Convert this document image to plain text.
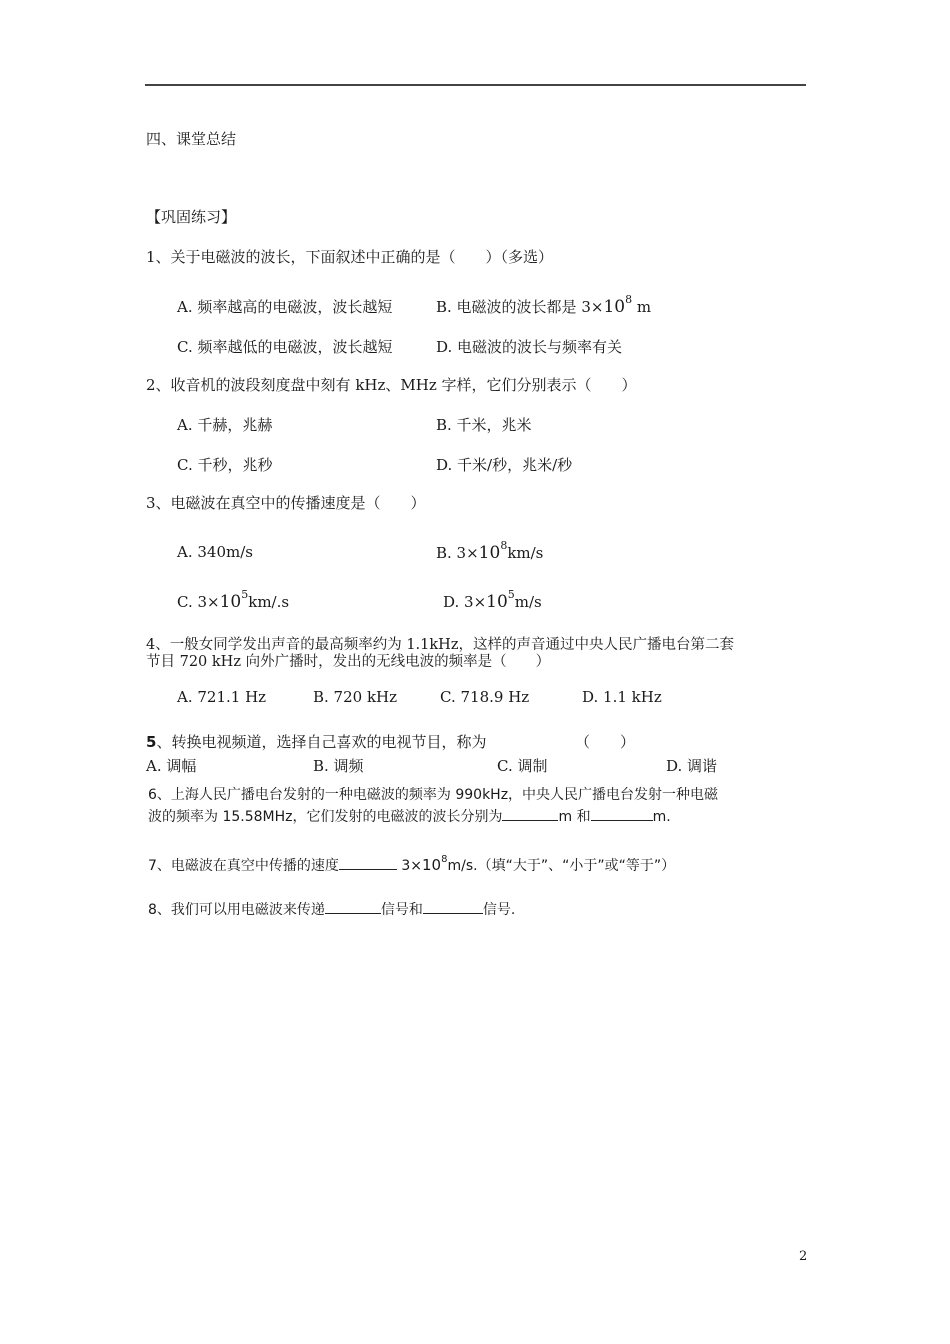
四、课堂总结
【巩固练习】
1、关于电磁波的波长，下面叙述中正确的是（　　）（多选）
A. 频率越高的电磁波，波长越短	B. 电磁波的波长都是 $3\times 10^8$ m
C. 频率越低的电磁波，波长越短	D. 电磁波的波长与频率有关
2、收音机的波段刻度盘中刻有 kHz、MHz 字样，它们分别表示（　　）
A. 千赫，兆赫	B. 千米，兆米
C. 千秒，兆秒	D. 千米/秒，兆米/秒
3、电磁波在真空中的传播速度是（　　）
A. 340m/s	B. $3\times 10^8km/s$
C. $3\times 10^5km/.s$	D. $3\times 10^5m/s$
4、一般女同学发出声音的最高频率约为 1.1kHz，这样的声音通过中央人民广播电台第二套
节目 720 kHz 向外广播时，发出的无线电波的频率是（　　）
A. 721.1 Hz	B. 720 kHz	C. 718.9 Hz	D. 1.1 kHz
5、转换电视频道，选择自己喜欢的电视节目，称为	（　　）
A. 调幅	B. 调频	C. 调制	D. 调谐
6、上海人民广播电台发射的一种电磁波的频率为 990kHz，中央人民广播电台发射一种电磁
波的频率为 15.58MHz，它们发射的电磁波的波长分别为	m 和	m.
7、电磁波在真空中传播的速度	$3\times 10^8m/s$.（填“大于”、“小于”或“等于”）
8、我们可以用电磁波来传递	信号和	信号.
2
